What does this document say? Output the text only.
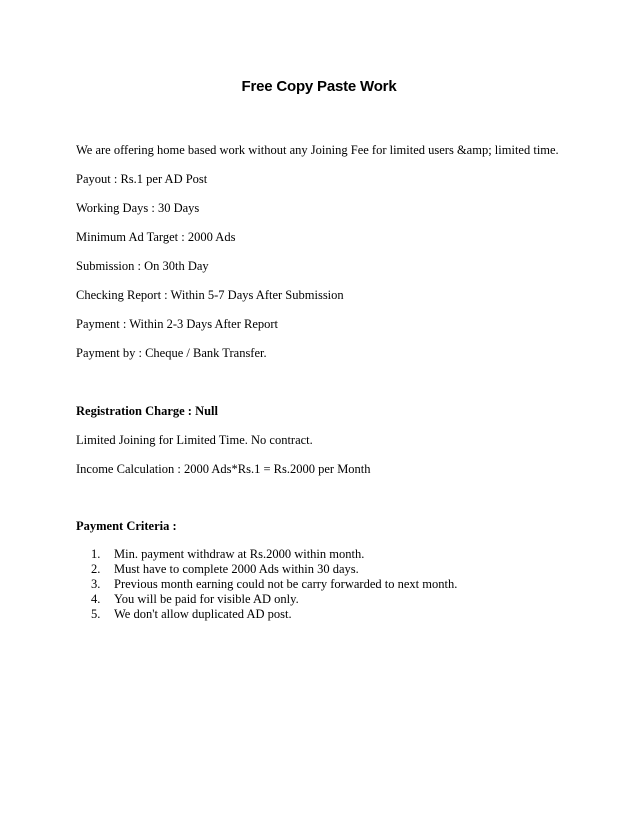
Free Copy Paste Work

We are offering home based work without any Joining Fee for limited users &amp; limited time.

Payout : Rs.1 per AD Post

Working Days : 30 Days

Minimum Ad Target : 2000 Ads

Submission : On 30th Day

Checking Report : Within 5-7 Days After Submission

Payment : Within 2-3 Days After Report

Payment by : Cheque / Bank Transfer.

Registration Charge : Null

Limited Joining for Limited Time. No contract.

Income Calculation : 2000 Ads*Rs.1 = Rs.2000 per Month

Payment Criteria :

1. Min. payment withdraw at Rs.2000 within month.
2. Must have to complete 2000 Ads within 30 days.
3. Previous month earning could not be carry forwarded to next month.
4. You will be paid for visible AD only.
5. We don't allow duplicated AD post.
